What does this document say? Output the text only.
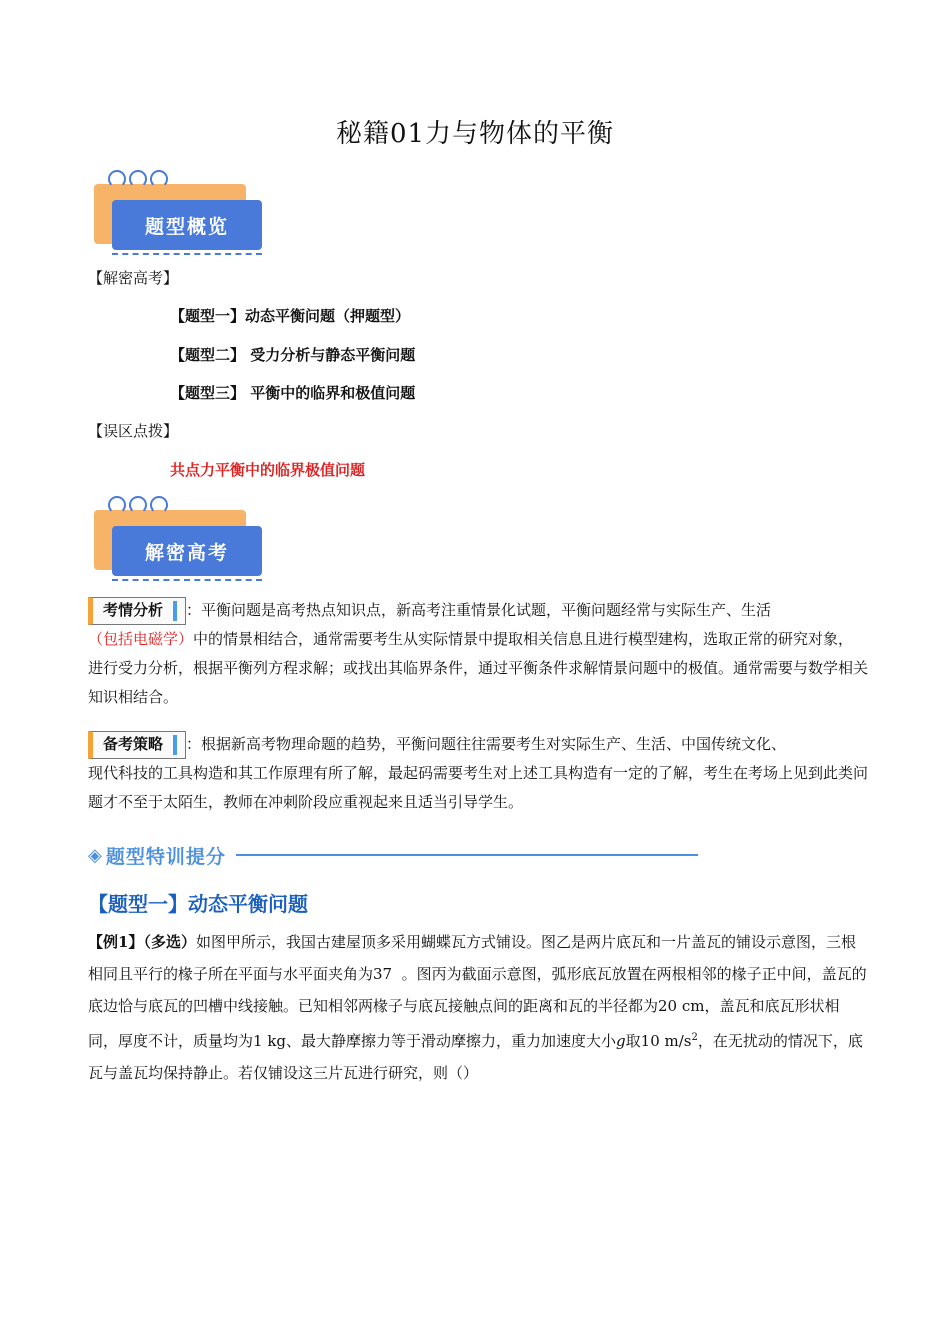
秘籍01力与物体的平衡
题型概览
【解密高考】
【题型一】动态平衡问题（押题型）
【题型二】 受力分析与静态平衡问题
【题型三】 平衡中的临界和极值问题
【误区点拨】
共点力平衡中的临界极值问题
解密高考
考情分析 ：平衡问题是高考热点知识点，新高考注重情景化试题，平衡问题经常与实际生产、生活
（包括电磁学）中的情景相结合，通常需要考生从实际情景中提取相关信息且进行模型建构，选取正常的研究对象，进行受力分析，根据平衡列方程求解；或找出其临界条件，通过平衡条件求解情景问题中的极值。通常需要与数学相关知识相结合。
备考策略 ：根据新高考物理命题的趋势，平衡问题往往需要考生对实际生产、生活、中国传统文化、
现代科技的工具构造和其工作原理有所了解，最起码需要考生对上述工具构造有一定的了解，考生在考场上见到此类问题才不至于太陌生，教师在冲刺阶段应重视起来且适当引导学生。
◈ 题型特训提分
【题型一】动态平衡问题
【例1】（多选）如图甲所示，我国古建屋顶多采用蝴蝶瓦方式铺设。图乙是两片底瓦和一片盖瓦的铺设示意图，三根相同且平行的椽子所在平面与水平面夹角为37 。图丙为截面示意图，弧形底瓦放置在两根相邻的椽子正中间，盖瓦的底边恰与底瓦的凹槽中线接触。已知相邻两椽子与底瓦接触点间的距离和瓦的半径都为20 cm，盖瓦和底瓦形状相同，厚度不计，质量均为1 kg、最大静摩擦力等于滑动摩擦力，重力加速度大小g取10 $m/s^2$，在无扰动的情况下，底瓦与盖瓦均保持静止。若仅铺设这三片瓦进行研究，则（）
